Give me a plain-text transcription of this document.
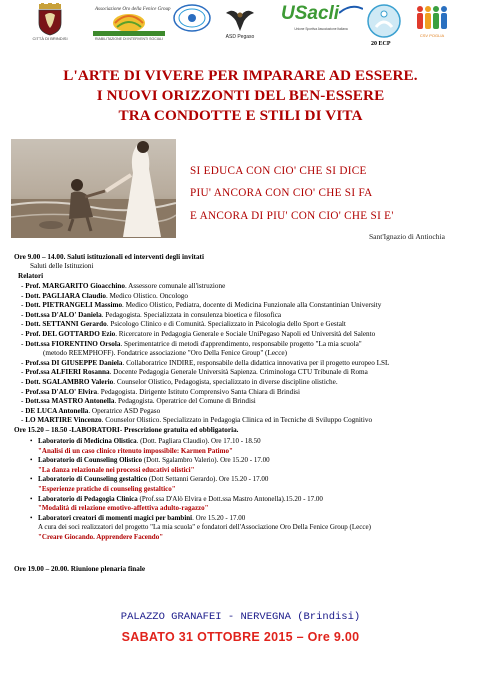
CITTÀ DI BRINDISI
Associazione Oro della Fenice Group
RIABILITAZIONE DI INTERVENTI SOCIALI	ASD Pegaso
USacli
Unione Sportiva Associazione Italiana
CSV POGLIA
20 ECP
L'ARTE DI VIVERE PER IMPARARE AD ESSERE.
I NUOVI ORIZZONTI DEL BEN-ESSERE
TRA CONDOTTE E STILI DI VITA
SI EDUCA CON CIO' CHE SI DICE
PIU' ANCORA CON CIO' CHE SI FA
E ANCORA DI PIU' CON CIO' CHE SI E'
Sant'Ignazio di Antiochia
Ore 9.00 – 14.00. Saluti istituzionali ed interventi degli invitati
Saluti delle Istituzioni
Relatori
- Prof. MARGARITO Gioacchino. Assessore comunale all'istruzione
- Dott. PAGLIARA Claudio. Medico Olistico. Oncologo
- Dott. PIETRANGELI Massimo. Medico Olistico, Pediatra, docente di Medicina Funzionale alla Constantinian University
- Dott.ssa D'ALO' Daniela. Pedagogista. Specializzata in consulenza bioetica e filosofica
- Dott. SETTANNI Gerardo. Psicologo Clinico e di Comunità. Specializzato in Psicologia dello Sport e Gestalt
- Prof. DEL GOTTARDO Ezio. Ricercatore in Pedagogia Generale e Sociale UniPegaso Napoli ed Università del Salento
- Dott.ssa FIORENTINO Orsola. Sperimentatrice di metodi d'apprendimento, responsabile progetto "La mia scuola"
(metodo REEMPHOFF). Fondatrice associazione "Oro Della Fenice Group" (Lecce)
- Prof.ssa DI GIUSEPPE Daniela. Collaboratrice INDIRE, responsabile della didattica innovativa per il progetto europeo LSL
- Prof.ssa ALFIERI Rosanna. Docente Pedagogia Generale Università Sapienza. Criminologa CTU Tribunale di Roma
- Dott. SGALAMBRO Valerio. Counselor Olistico, Pedagogista, specializzato in diverse discipline olistiche.
- Prof.ssa D'ALO' Elvira. Pedagogista. Dirigente Istituto Comprensivo Santa Chiara di Brindisi
- Dott.ssa MASTRO Antonella. Pedagogista. Operatrice del Comune di Brindisi
- DE LUCA Antonella. Operatrice ASD Pegaso
- LO MARTIRE Vincenzo. Counselor Olistico. Specializzato in Pedagogia Clinica ed in Tecniche di Sviluppo Cognitivo
Ore 15.20 – 18.50 -LABORATORI- Prescrizione gratuita ed obbligatoria.
• Laboratorio di Medicina Olistica. (Dott. Pagliara Claudio). Ore 17.10 - 18.50
"Analisi di un caso clinico ritenuto impossibile: Karmen Patimo"
• Laboratorio di Counseling Olistico (Dott. Sgalambro Valerio). Ore 15.20 - 17.00
"La danza relazionale nei processi educativi olistici"
• Laboratorio di Counseling gestaltico (Dott Settanni Gerardo). Ore 15.20 - 17.00
"Esperienze pratiche di counseling gestaltico"
• Laboratorio di Pedagogia Clinica (Prof.ssa D'Alò Elvira e Dott.ssa Mastro Antonella).15.20 - 17.00
"Modalità di relazione emotivo-affettiva adulto-ragazzo"
• Laboratori creatori di momenti magici per bambini. Ore 15.20 - 17.00
A cura dei soci realizzatori del progetto "La mia scuola" e fondatori dell'Associazione Oro Della Fenice Group (Lecce)
"Creare Giocando. Apprendere Facendo"
Ore 19.00 – 20.00. Riunione plenaria finale
PALAZZO GRANAFEI - NERVEGNA (Brindisi)
SABATO 31 OTTOBRE 2015 – Ore 9.00
